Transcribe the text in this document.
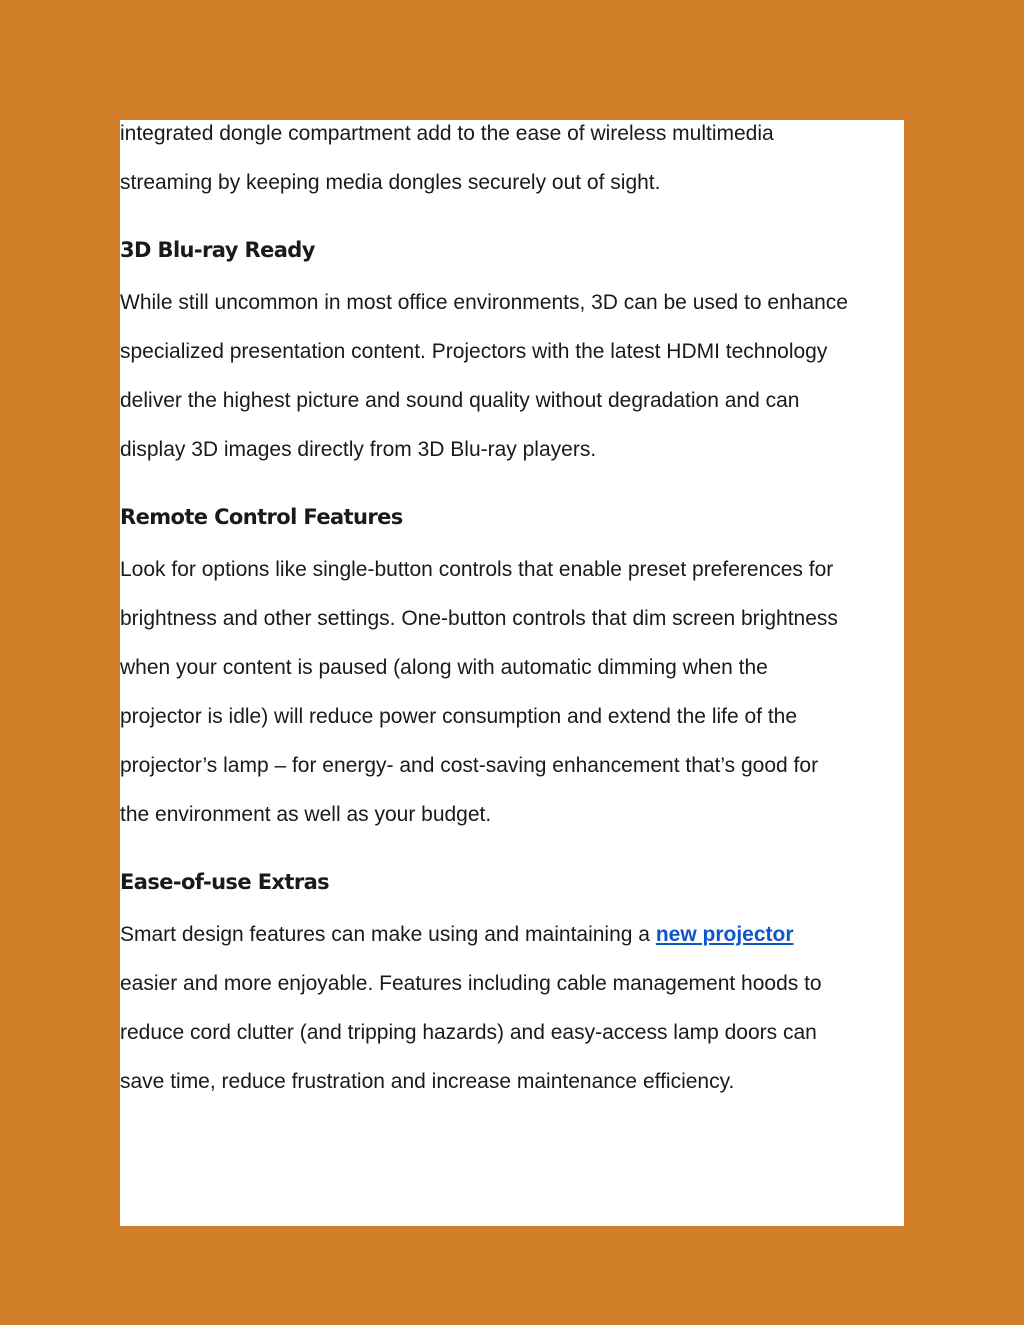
integrated dongle compartment add to the ease of wireless multimedia
streaming by keeping media dongles securely out of sight.

3D Blu-ray Ready

While still uncommon in most office environments, 3D can be used to enhance
specialized presentation content. Projectors with the latest HDMI technology
deliver the highest picture and sound quality without degradation and can
display 3D images directly from 3D Blu-ray players.

Remote Control Features

Look for options like single-button controls that enable preset preferences for
brightness and other settings. One-button controls that dim screen brightness
when your content is paused (along with automatic dimming when the
projector is idle) will reduce power consumption and extend the life of the
projector’s lamp – for energy- and cost-saving enhancement that’s good for
the environment as well as your budget.

Ease-of-use Extras

Smart design features can make using and maintaining a new projector
easier and more enjoyable. Features including cable management hoods to
reduce cord clutter (and tripping hazards) and easy-access lamp doors can
save time, reduce frustration and increase maintenance efficiency.
